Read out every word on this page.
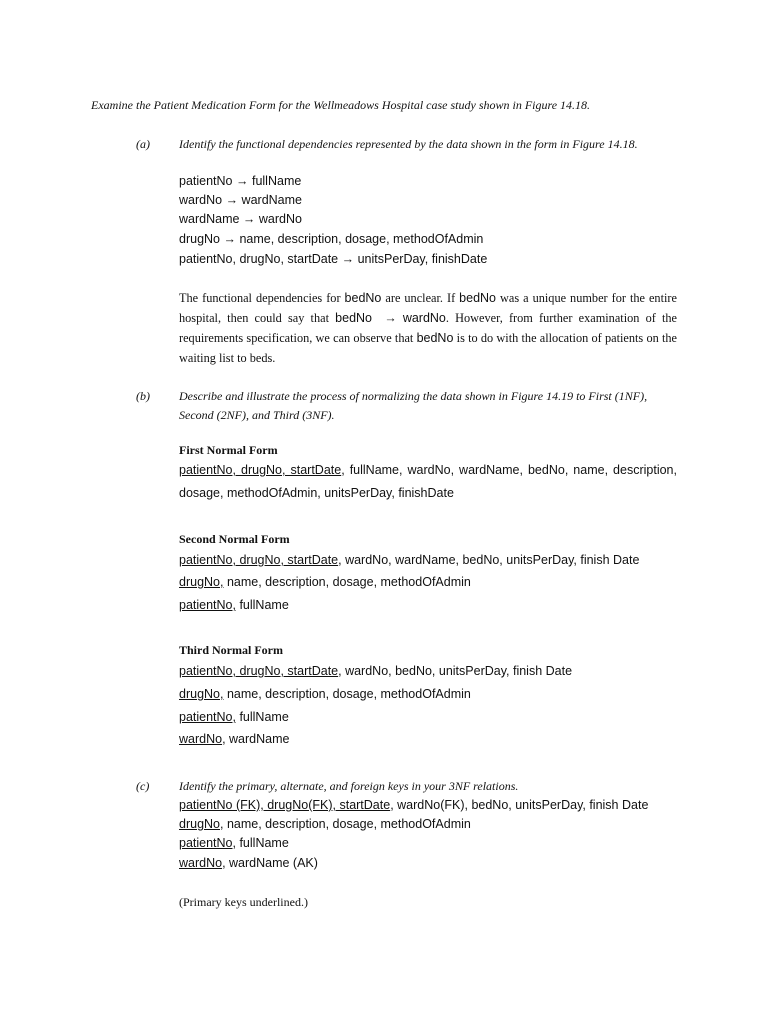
Examine the Patient Medication Form for the Wellmeadows Hospital case study shown in Figure 14.18.
(a) Identify the functional dependencies represented by the data shown in the form in Figure 14.18.
patientNo → fullName
wardNo → wardName
wardName → wardNo
drugNo → name, description, dosage, methodOfAdmin
patientNo, drugNo, startDate → unitsPerDay, finishDate
The functional dependencies for bedNo are unclear. If bedNo was a unique number for the entire hospital, then could say that bedNo → wardNo. However, from further examination of the requirements specification, we can observe that bedNo is to do with the allocation of patients on the waiting list to beds.
(b) Describe and illustrate the process of normalizing the data shown in Figure 14.19 to First (1NF),
Second (2NF), and Third (3NF).
First Normal Form
patientNo, drugNo, startDate, fullName, wardNo, wardName, bedNo, name, description,
dosage, methodOfAdmin, unitsPerDay, finishDate
Second Normal Form
patientNo, drugNo, startDate, wardNo, wardName, bedNo, unitsPerDay, finish Date
drugNo, name, description, dosage, methodOfAdmin
patientNo, fullName
Third Normal Form
patientNo, drugNo, startDate, wardNo, bedNo, unitsPerDay, finish Date
drugNo, name, description, dosage, methodOfAdmin
patientNo, fullName
wardNo, wardName
(c) Identify the primary, alternate, and foreign keys in your 3NF relations.
patientNo (FK), drugNo(FK), startDate, wardNo(FK), bedNo, unitsPerDay, finish Date
drugNo, name, description, dosage, methodOfAdmin
patientNo, fullName
wardNo, wardName (AK)
(Primary keys underlined.)
